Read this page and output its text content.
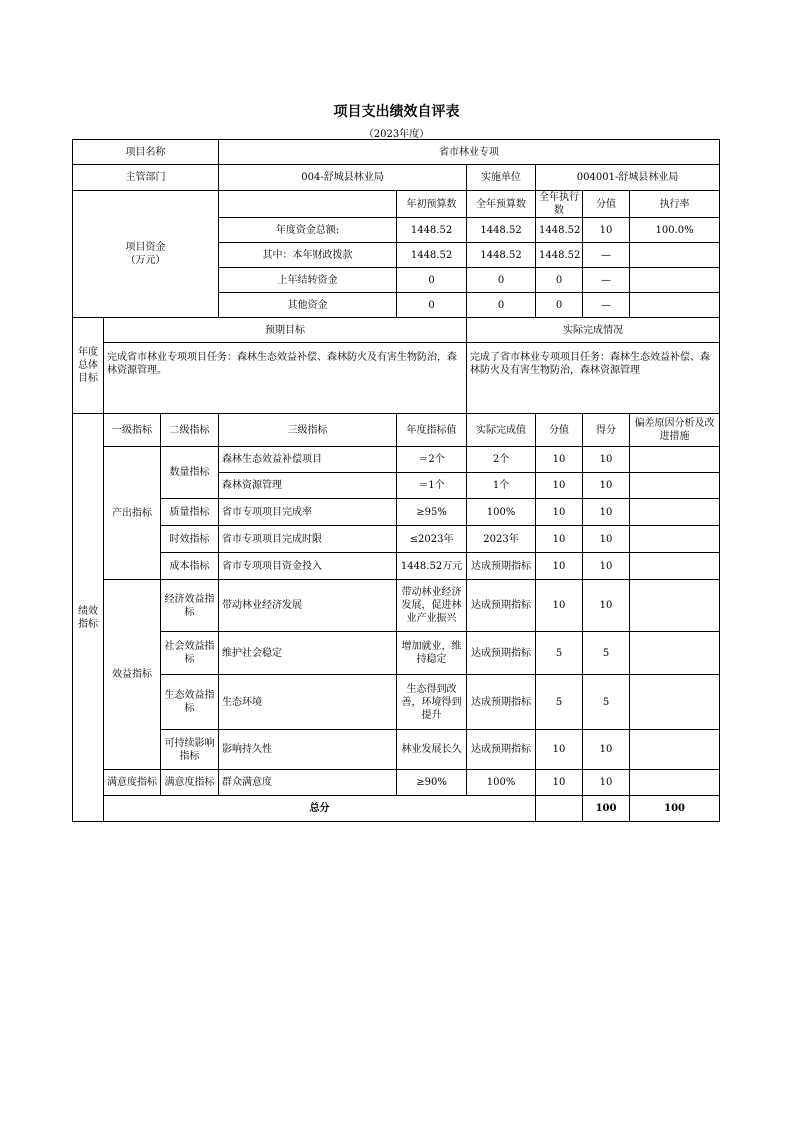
项目支出绩效自评表
（2023年度）
项目名称			省市林业专项						
主管部门			004-舒城县林业局		实施单位	004001-舒城县林业局			
项目资金
（万元）				年初预算数	全年预算数	全年执行数	分值	执行率	
			年度资金总额:	1448.52	1448.52	1448.52	10	100.0%	
			其中：本年财政拨款	1448.52	1448.52	1448.52	—		
			上年结转资金	0	0	0	—		
			其他资金	0	0	0	—		
年度
总体
目标	预期目标				实际完成情况				
	完成省市林业专项项目任务：森林生态效益补偿、森林防火及有害生物防治，森林资源管理。				完成了省市林业专项项目任务：森林生态效益补偿、森林防火及有害生物防治，森林资源管理				
绩效
指标	一级指标	二级指标	三级指标	年度指标值	实际完成值	分值	得分	偏差原因分析及改进措施	
	产出指标	数量指标	森林生态效益补偿项目	＝2个	2个	10	10		
			森林资源管理	＝1个	1个	10	10		
		质量指标	省市专项项目完成率	≥95%	100%	10	10		
		时效指标	省市专项项目完成时限	≤2023年	2023年	10	10		
		成本指标	省市专项项目资金投入	1448.52万元	达成预期指标	10	10		
	效益指标	经济效益指标	带动林业经济发展	带动林业经济发展，促进林业产业振兴	达成预期指标	10	10		
		社会效益指标	维护社会稳定	增加就业，维持稳定	达成预期指标	5	5		
		生态效益指标	生态环境	生态得到改善，环境得到提升	达成预期指标	5	5		
		可持续影响指标	影响持久性	林业发展长久	达成预期指标	10	10		
	满意度指标	满意度指标	群众满意度	≥90%	100%	10	10		
	总分						100	100	
